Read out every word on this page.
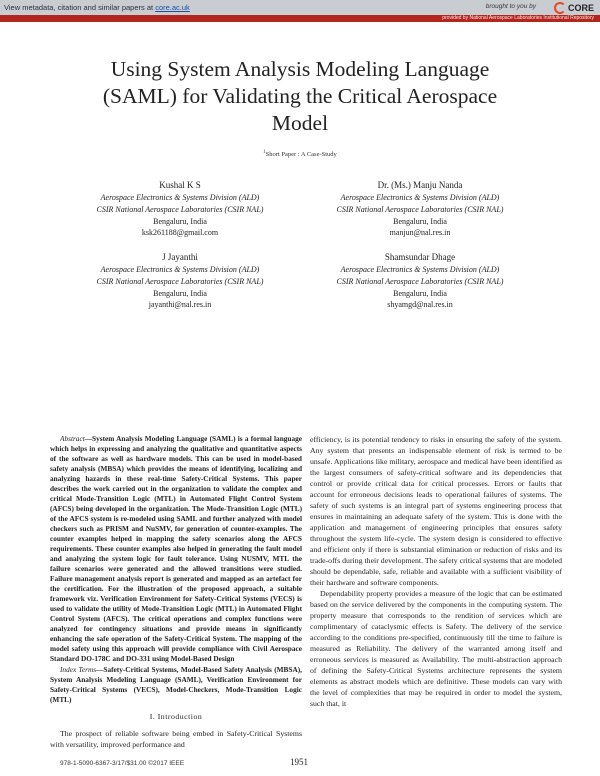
View metadata, citation and similar papers at core.ac.uk	brought to you by	CORE
provided by National Aerospace Laboratories Institutional Repository
Using System Analysis Modeling Language
(SAML) for Validating the Critical Aerospace
Model
$^1$Short Paper : A Case-Study
Kushal K S
Aerospace Electronics & Systems Division (ALD)
CSIR National Aerospace Laboratories (CSIR NAL)
Bengaluru, India
ksk261188@gmail.com
Dr. (Ms.) Manju Nanda
Aerospace Electronics & Systems Division (ALD)
CSIR National Aerospace Laboratories (CSIR NAL)
Bengaluru, India
manjun@nal.res.in
J Jayanthi
Aerospace Electronics & Systems Division (ALD)
CSIR National Aerospace Laboratories (CSIR NAL)
Bengaluru, India
jayanthi@nal.res.in
Shamsundar Dhage
Aerospace Electronics & Systems Division (ALD)
CSIR National Aerospace Laboratories (CSIR NAL)
Bengaluru, India
shyamgd@nal.res.in

Abstract—System Analysis Modeling Language (SAML) is a formal language which helps in expressing and analyzing the qualitative and quantitative aspects of the software as well as hardware models. This can be used in model-based safety analysis (MBSA) which provides the means of identifying, localizing and analyzing hazards in these real-time Safety-Critical Systems. This paper describes the work carried out in the organization to validate the complex and critical Mode-Transition Logic (MTL) in Automated Flight Control System (AFCS) being developed in the organization. The Mode-Transition Logic (MTL) of the AFCS system is re-modeled using SAML and further analyzed with model checkers such as PRISM and NuSMV, for generation of counter-examples. The counter examples helped in mapping the safety scenarios along the AFCS requirements. These counter examples also helped in generating the fault model and analyzing the system logic for fault tolerance. Using NUSMV, MTL the failure scenarios were generated and the allowed transitions were studied. Failure management analysis report is generated and mapped as an artefact for the certification. For the illustration of the proposed approach, a suitable framework viz. Verification Environment for Safety-Critical Systems (VECS) is used to validate the utility of Mode-Transition Logic (MTL) in Automated Flight Control System (AFCS). The critical operations and complex functions were analyzed for contingency situations and provide means in significantly enhancing the safe operation of the Safety-Critical System. The mapping of the model safety using this approach will provide compliance with Civil Aerospace Standard DO-178C and DO-331 using Model-Based Design

Index Terms—Safety-Critical Systems, Model-Based Safety Analysis (MBSA), System Analysis Modeling Language (SAML), Verification Environment for Safety-Critical Systems (VECS), Model-Checkers, Mode-Transition Logic (MTL)

I. Introduction

The prospect of reliable software being embed in Safety-Critical Systems with versatility, improved performance and

efficiency, is its potential tendency to risks in ensuring the safety of the system. Any system that presents an indispensable element of risk is termed to be unsafe. Applications like military, aerospace and medical have been identified as the largest consumers of safety-critical software and its dependencies that control or provide critical data for critical processes. Errors or faults that account for erroneous decisions leads to operational failures of systems. The safety of such systems is an integral part of systems engineering process that ensures in maintaining an adequate safety of the system. This is done with the application and management of engineering principles that ensures safety throughout the system life-cycle. The system design is considered to effective and efficient only if there is substantial elimination or reduction of risks and its trade-offs during their development. The safety critical systems that are modeled should be dependable, safe, reliable and available with a sufficient visibility of their hardware and software components.

Dependability property provides a measure of the logic that can be estimated based on the service delivered by the components in the computing system. The property measure that corresponds to the rendition of services which are complimentary of cataclysmic effects is Safety. The delivery of the service according to the conditions pre-specified, continuously till the time to failure is measured as Reliability. The delivery of the warranted among itself and erroneous services is measured as Availability. The multi-abstraction approach of defining the Safety-Critical Systems architecture represents the system elements as abstract models which are definitive. These models can vary with the level of complexities that may be required in order to model the system, such that, it

978-1-5090-6367-3/17/$31.00 ©2017 IEEE	1951
